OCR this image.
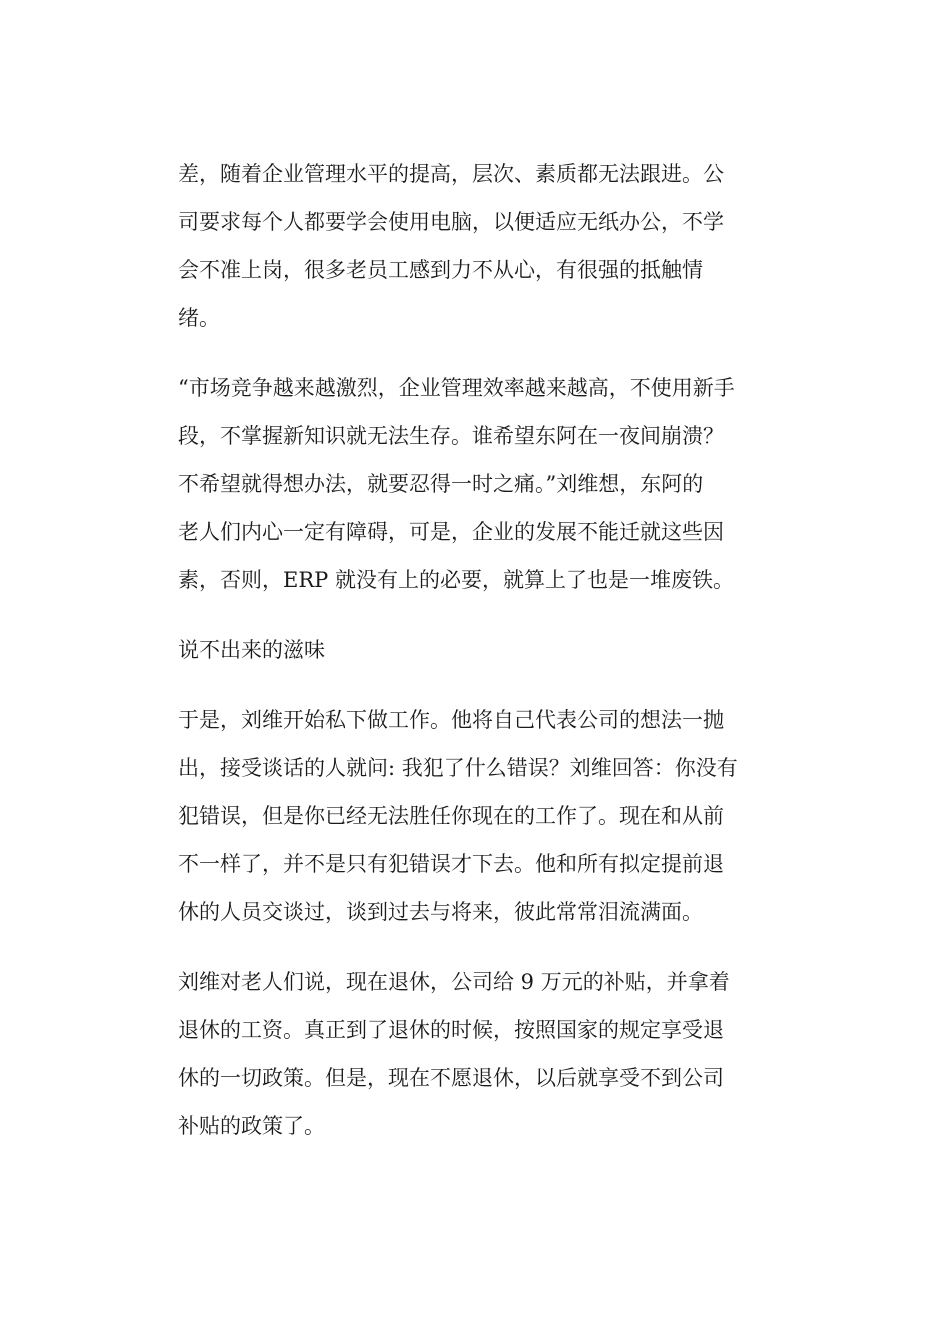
差，随着企业管理水平的提高，层次、素质都无法跟进。公
司要求每个人都要学会使用电脑，以便适应无纸办公，不学
会不准上岗，很多老员工感到力不从心，有很强的抵触情
绪。
“市场竞争越来越激烈，企业管理效率越来越高，不使用新手
段，不掌握新知识就无法生存。谁希望东阿在一夜间崩溃？
不希望就得想办法，就要忍得一时之痛。”刘维想，东阿的
老人们内心一定有障碍，可是，企业的发展不能迁就这些因
素，否则，ERP 就没有上的必要，就算上了也是一堆废铁。
说不出来的滋味
于是，刘维开始私下做工作。他将自己代表公司的想法一抛
出，接受谈话的人就问: 我犯了什么错误？刘维回答：你没有
犯错误，但是你已经无法胜任你现在的工作了。现在和从前
不一样了，并不是只有犯错误才下去。他和所有拟定提前退
休的人员交谈过，谈到过去与将来，彼此常常泪流满面。
刘维对老人们说，现在退休，公司给 9 万元的补贴，并拿着
退休的工资。真正到了退休的时候，按照国家的规定享受退
休的一切政策。但是，现在不愿退休，以后就享受不到公司
补贴的政策了。
